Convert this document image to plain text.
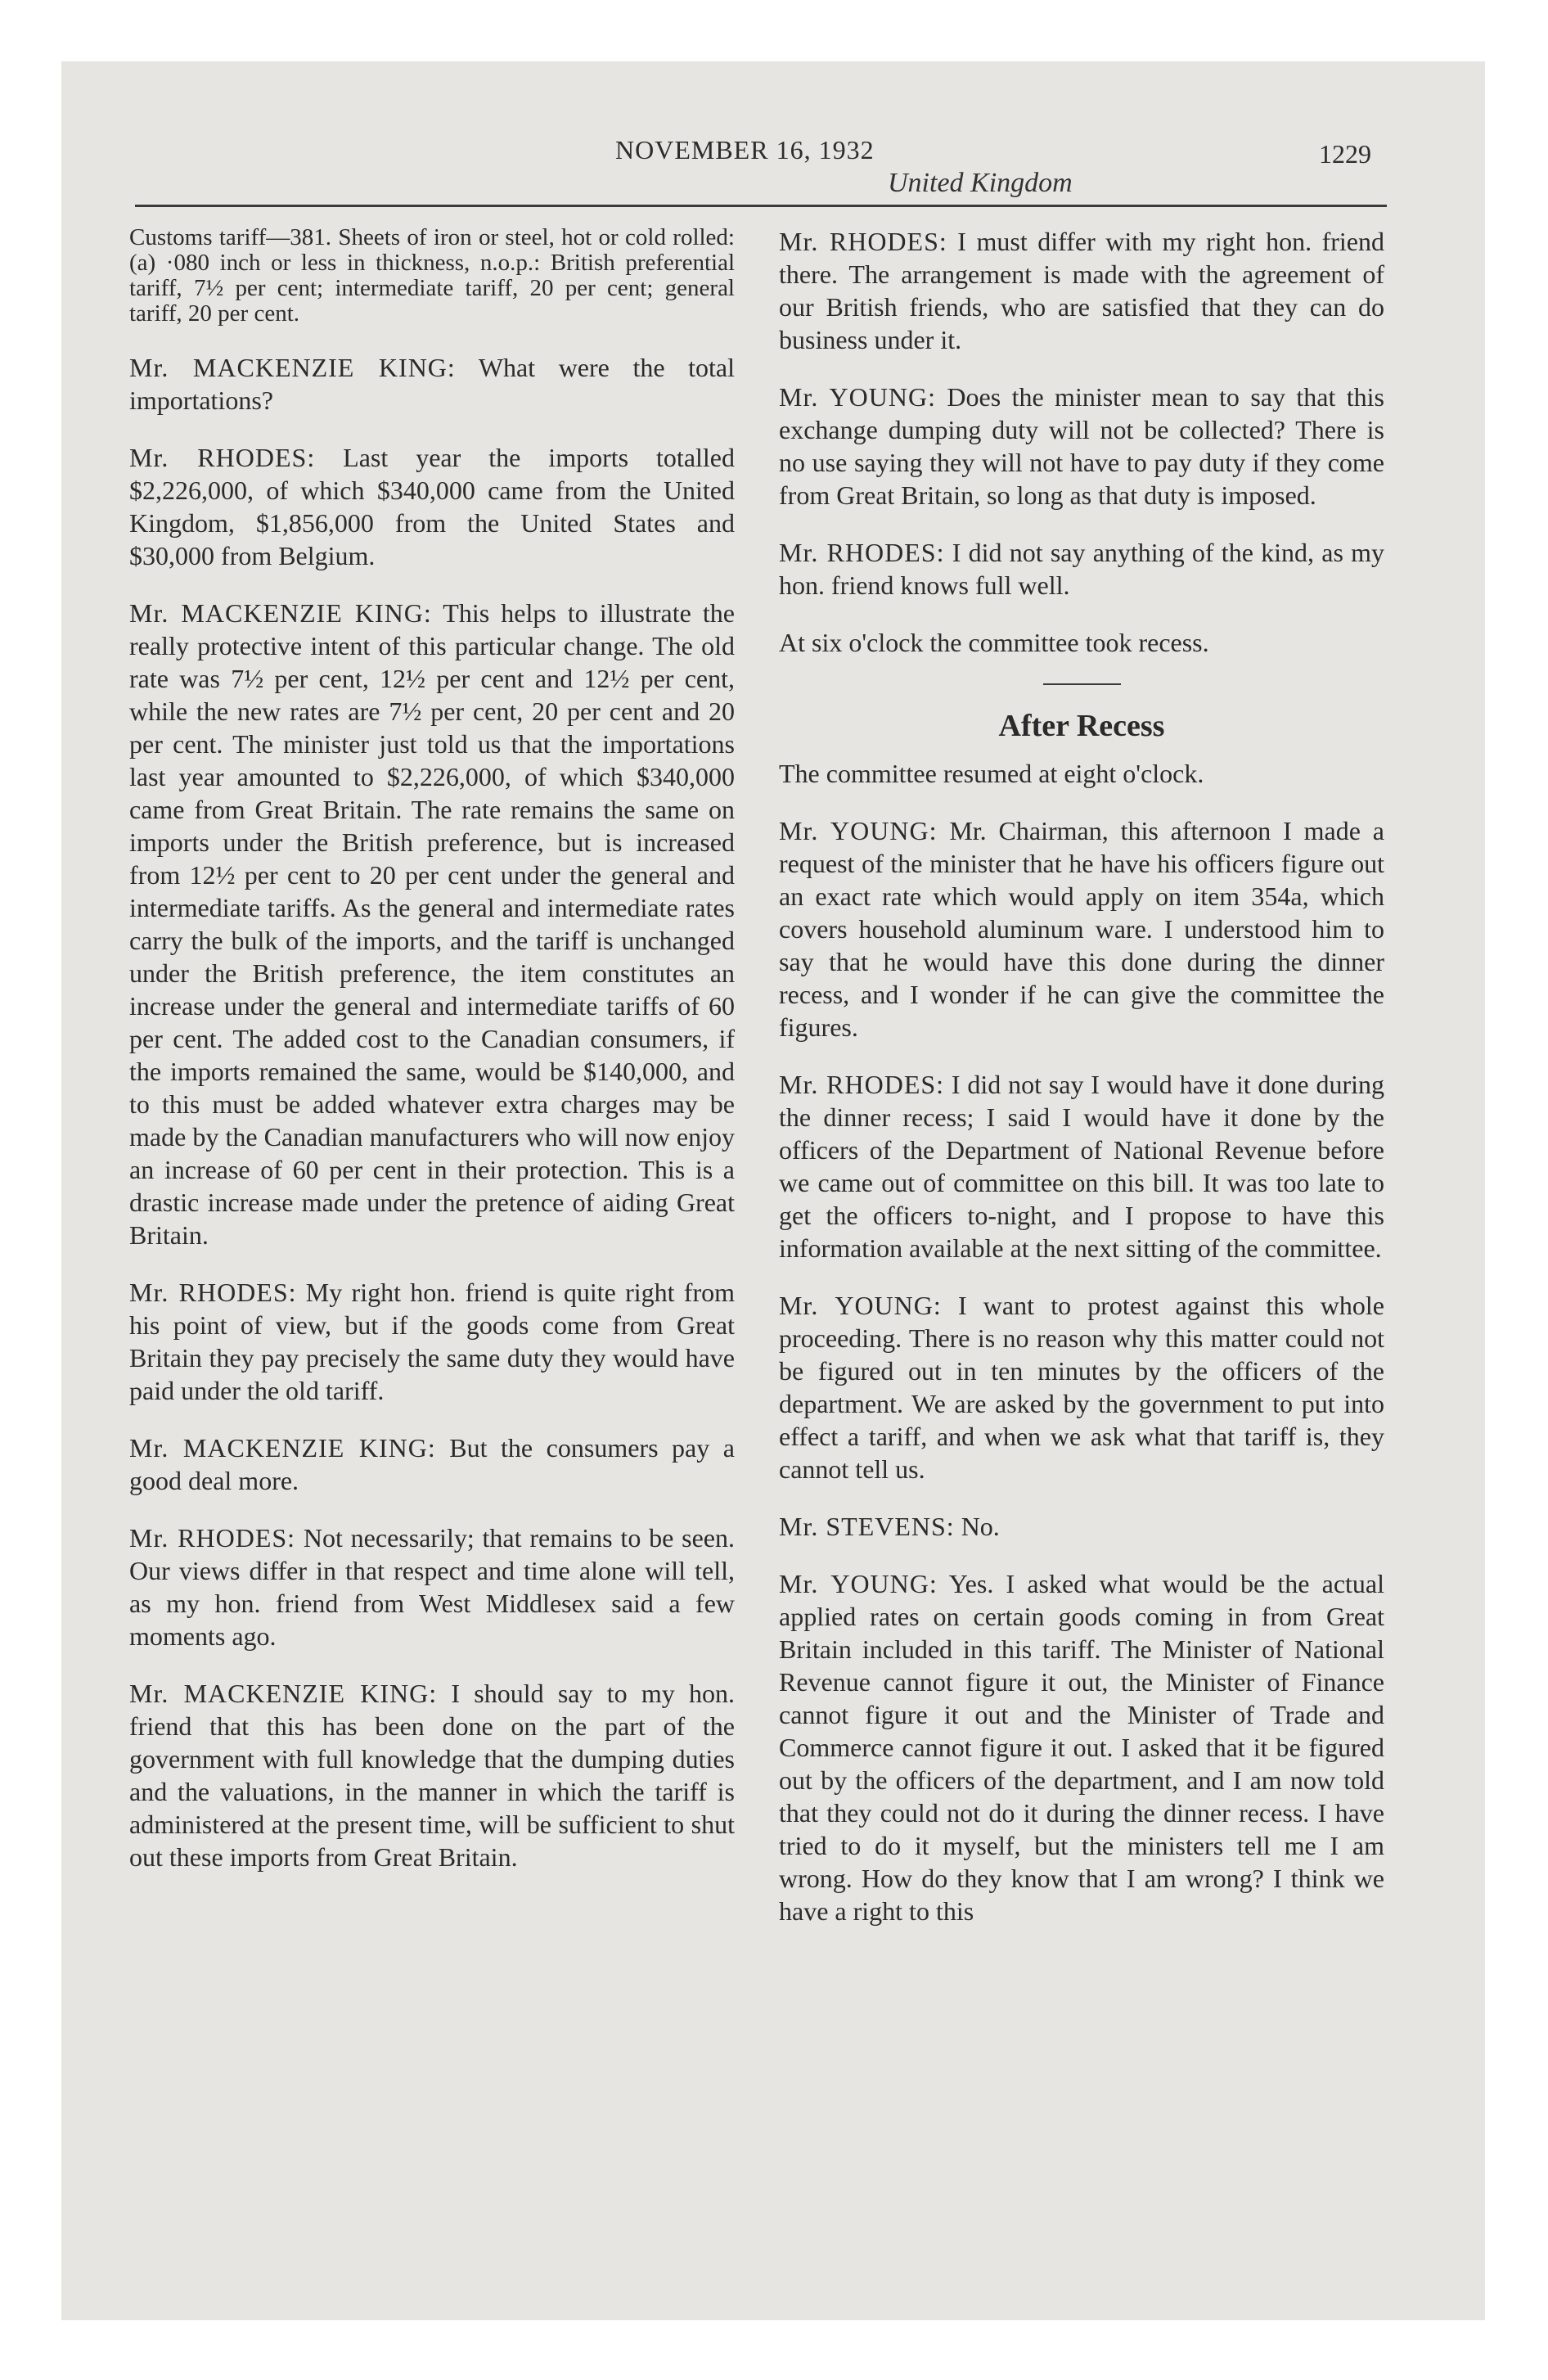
NOVEMBER 16, 1932
United Kingdom
1229

Customs tariff—381. Sheets of iron or steel, hot or cold rolled: (a) ·080 inch or less in thickness, n.o.p.: British preferential tariff, 7½ per cent; intermediate tariff, 20 per cent; general tariff, 20 per cent.

Mr. MACKENZIE KING: What were the total importations?

Mr. RHODES: Last year the imports totalled $2,226,000, of which $340,000 came from the United Kingdom, $1,856,000 from the United States and $30,000 from Belgium.

Mr. MACKENZIE KING: This helps to illustrate the really protective intent of this particular change. The old rate was 7½ per cent, 12½ per cent and 12½ per cent, while the new rates are 7½ per cent, 20 per cent and 20 per cent. The minister just told us that the importations last year amounted to $2,226,000, of which $340,000 came from Great Britain. The rate remains the same on imports under the British preference, but is increased from 12½ per cent to 20 per cent under the general and intermediate tariffs. As the general and intermediate rates carry the bulk of the imports, and the tariff is unchanged under the British preference, the item constitutes an increase under the general and intermediate tariffs of 60 per cent. The added cost to the Canadian consumers, if the imports remained the same, would be $140,000, and to this must be added whatever extra charges may be made by the Canadian manufacturers who will now enjoy an increase of 60 per cent in their protection. This is a drastic increase made under the pretence of aiding Great Britain.

Mr. RHODES: My right hon. friend is quite right from his point of view, but if the goods come from Great Britain they pay precisely the same duty they would have paid under the old tariff.

Mr. MACKENZIE KING: But the consumers pay a good deal more.

Mr. RHODES: Not necessarily; that remains to be seen. Our views differ in that respect and time alone will tell, as my hon. friend from West Middlesex said a few moments ago.

Mr. MACKENZIE KING: I should say to my hon. friend that this has been done on the part of the government with full knowledge that the dumping duties and the valuations, in the manner in which the tariff is administered at the present time, will be sufficient to shut out these imports from Great Britain.

Mr. RHODES: I must differ with my right hon. friend there. The arrangement is made with the agreement of our British friends, who are satisfied that they can do business under it.

Mr. YOUNG: Does the minister mean to say that this exchange dumping duty will not be collected? There is no use saying they will not have to pay duty if they come from Great Britain, so long as that duty is imposed.

Mr. RHODES: I did not say anything of the kind, as my hon. friend knows full well.

At six o'clock the committee took recess.

After Recess

The committee resumed at eight o'clock.

Mr. YOUNG: Mr. Chairman, this afternoon I made a request of the minister that he have his officers figure out an exact rate which would apply on item 354a, which covers household aluminum ware. I understood him to say that he would have this done during the dinner recess, and I wonder if he can give the committee the figures.

Mr. RHODES: I did not say I would have it done during the dinner recess; I said I would have it done by the officers of the Department of National Revenue before we came out of committee on this bill. It was too late to get the officers to-night, and I propose to have this information available at the next sitting of the committee.

Mr. YOUNG: I want to protest against this whole proceeding. There is no reason why this matter could not be figured out in ten minutes by the officers of the department. We are asked by the government to put into effect a tariff, and when we ask what that tariff is, they cannot tell us.

Mr. STEVENS: No.

Mr. YOUNG: Yes. I asked what would be the actual applied rates on certain goods coming in from Great Britain included in this tariff. The Minister of National Revenue cannot figure it out, the Minister of Finance cannot figure it out and the Minister of Trade and Commerce cannot figure it out. I asked that it be figured out by the officers of the department, and I am now told that they could not do it during the dinner recess. I have tried to do it myself, but the ministers tell me I am wrong. How do they know that I am wrong? I think we have a right to this
